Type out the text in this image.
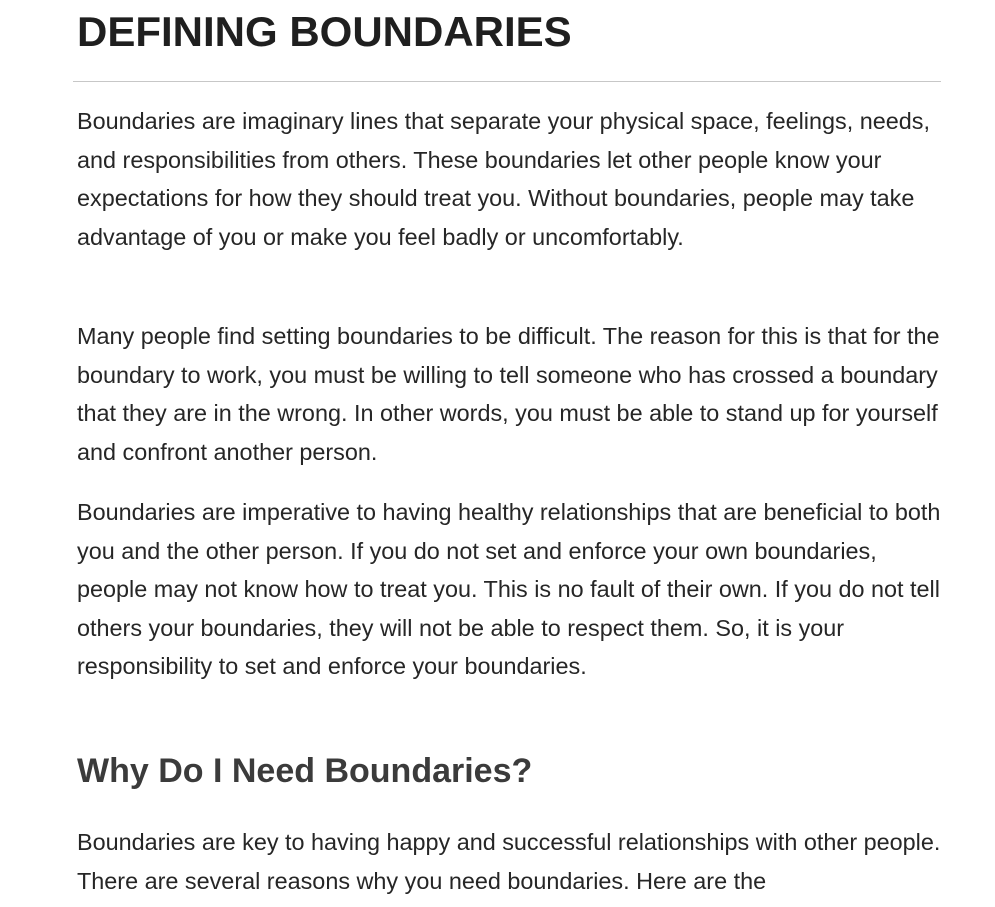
DEFINING BOUNDARIES

Boundaries are imaginary lines that separate your physical space, feelings, needs, and responsibilities from others. These boundaries let other people know your expectations for how they should treat you. Without boundaries, people may take advantage of you or make you feel badly or uncomfortably.

Many people find setting boundaries to be difficult. The reason for this is that for the boundary to work, you must be willing to tell someone who has crossed a boundary that they are in the wrong. In other words, you must be able to stand up for yourself and confront another person.

Boundaries are imperative to having healthy relationships that are beneficial to both you and the other person. If you do not set and enforce your own boundaries, people may not know how to treat you. This is no fault of their own. If you do not tell others your boundaries, they will not be able to respect them. So, it is your responsibility to set and enforce your boundaries.

Why Do I Need Boundaries?

Boundaries are key to having happy and successful relationships with other people. There are several reasons why you need boundaries. Here are the
